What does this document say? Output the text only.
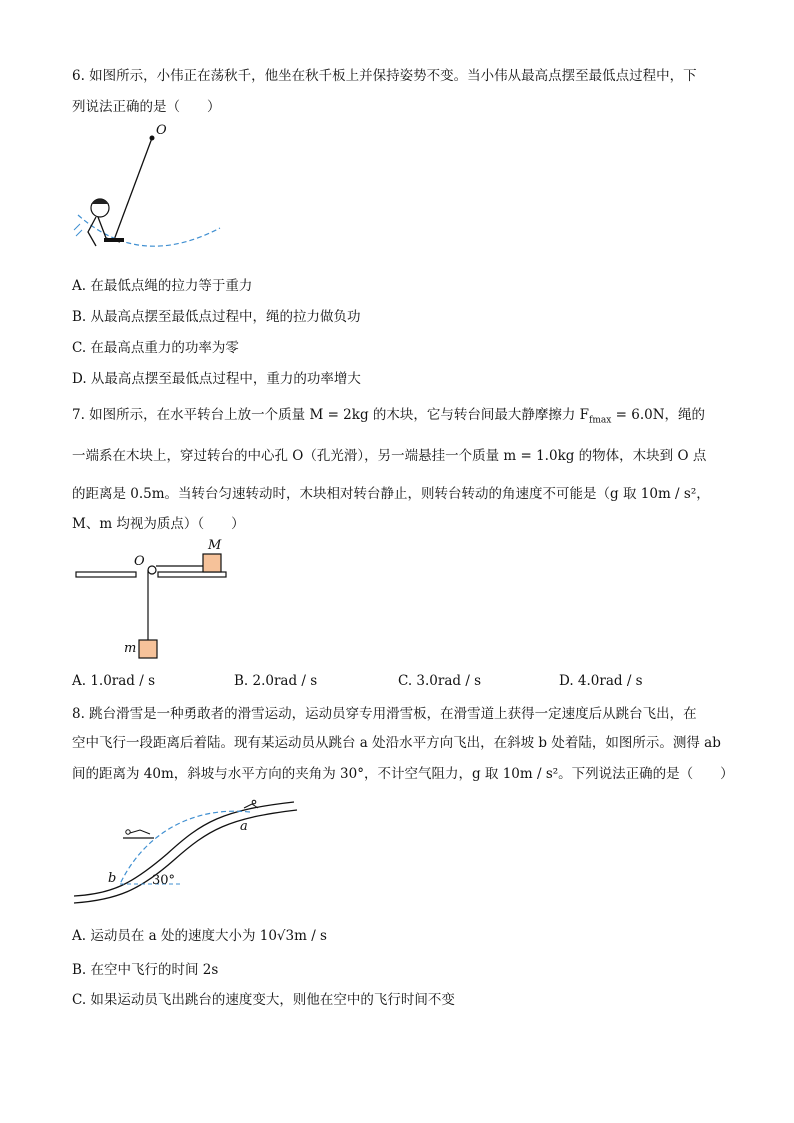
6. 如图所示，小伟正在荡秋千，他坐在秋千板上并保持姿势不变。当小伟从最高点摆至最低点过程中，下
列说法正确的是（　　）
O
A. 在最低点绳的拉力等于重力
B. 从最高点摆至最低点过程中，绳的拉力做负功
C. 在最高点重力的功率为零
D. 从最高点摆至最低点过程中，重力的功率增大
7. 如图所示，在水平转台上放一个质量 M = 2kg 的木块，它与转台间最大静摩擦力 $F_{fmax} = 6.0N$，绳的
一端系在木块上，穿过转台的中心孔 O（孔光滑），另一端悬挂一个质量 m = 1.0kg 的物体，木块到 O 点
的距离是 0.5m。当转台匀速转动时，木块相对转台静止，则转台转动的角速度不可能是（g 取 10m / s²，
M、m 均视为质点）（　　）
O
M
m
A. 1.0rad / s	B. 2.0rad / s	C. 3.0rad / s	D. 4.0rad / s
8. 跳台滑雪是一种勇敢者的滑雪运动，运动员穿专用滑雪板，在滑雪道上获得一定速度后从跳台飞出，在
空中飞行一段距离后着陆。现有某运动员从跳台 a 处沿水平方向飞出，在斜坡 b 处着陆，如图所示。测得 ab
间的距离为 40m，斜坡与水平方向的夹角为 30°，不计空气阻力，g 取 10m / s²。下列说法正确的是（　　）
a
b	30°
A. 运动员在 a 处的速度大小为 10√3m / s
B. 在空中飞行的时间 2s
C. 如果运动员飞出跳台的速度变大，则他在空中的飞行时间不变
